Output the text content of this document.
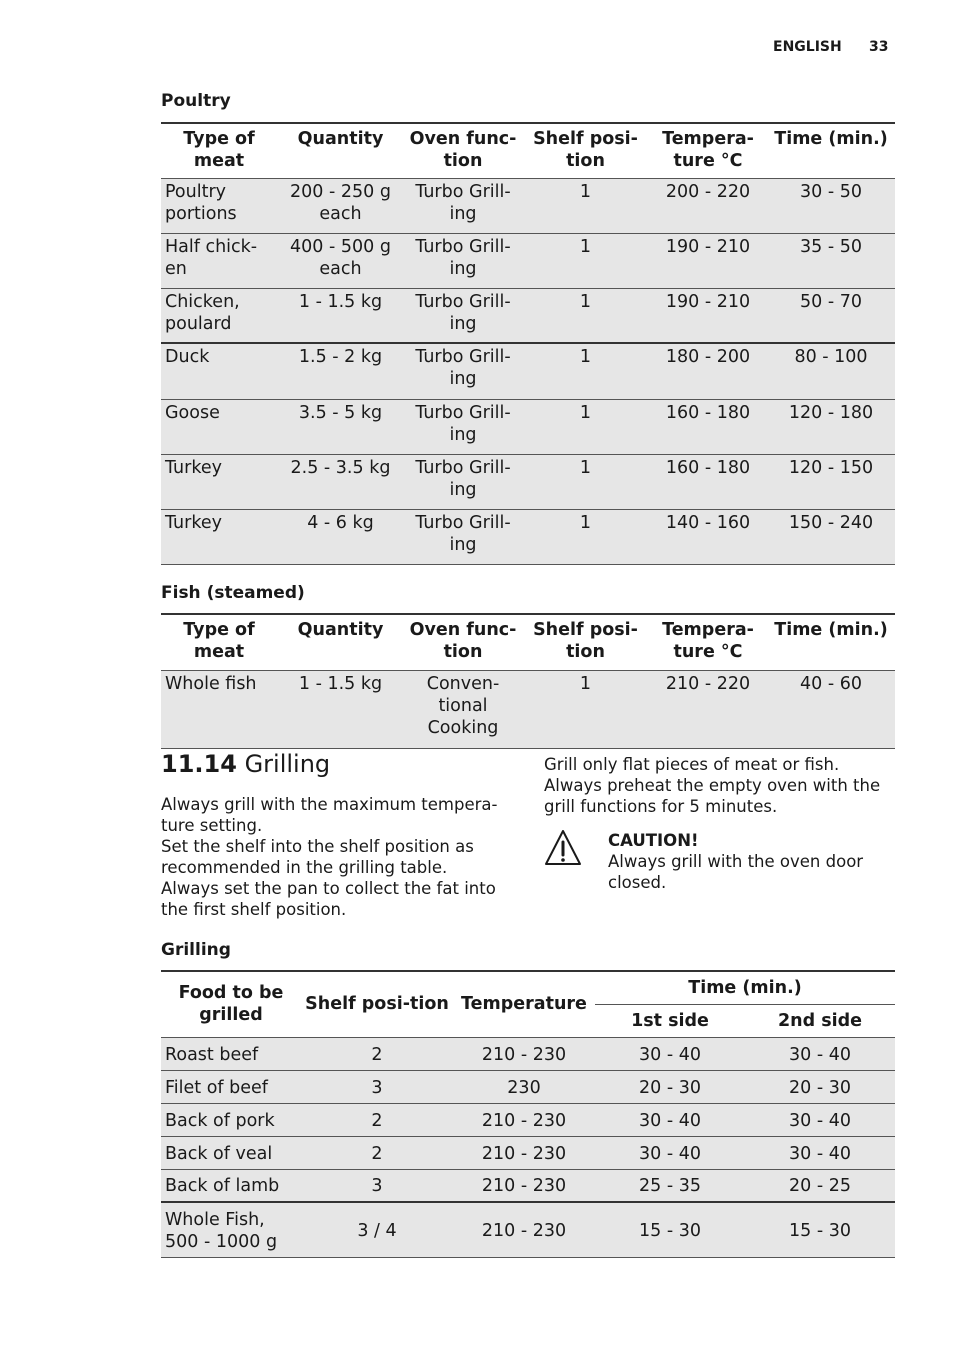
ENGLISH 33
Poultry
Type of meat	Quantity	Oven func-tion	Shelf posi-tion	Tempera-ture °C	Time (min.)
Poultry portions	200 - 250 g each	Turbo Grill-ing	1	200 - 220	30 - 50
Half chick-en	400 - 500 g each	Turbo Grill-ing	1	190 - 210	35 - 50
Chicken, poulard	1 - 1.5 kg	Turbo Grill-ing	1	190 - 210	50 - 70
Duck	1.5 - 2 kg	Turbo Grill-ing	1	180 - 200	80 - 100
Goose	3.5 - 5 kg	Turbo Grill-ing	1	160 - 180	120 - 180
Turkey	2.5 - 3.5 kg	Turbo Grill-ing	1	160 - 180	120 - 150
Turkey	4 - 6 kg	Turbo Grill-ing	1	140 - 160	150 - 240
Fish (steamed)
Type of meat	Quantity	Oven func-tion	Shelf posi-tion	Tempera-ture °C	Time (min.)
Whole fish	1 - 1.5 kg	Conven-tional Cooking	1	210 - 220	40 - 60
11.14 Grilling
Always grill with the maximum tempera-
ture setting.
Set the shelf into the shelf position as
recommended in the grilling table.
Always set the pan to collect the fat into
the first shelf position.
Grill only flat pieces of meat or fish.
Always preheat the empty oven with the
grill functions for 5 minutes.
CAUTION!
Always grill with the oven door
closed.
Grilling
Food to be grilled	Shelf posi-tion	Temperature	Time (min.)	
			1st side	2nd side
Roast beef	2	210 - 230	30 - 40	30 - 40
Filet of beef	3	230	20 - 30	20 - 30
Back of pork	2	210 - 230	30 - 40	30 - 40
Back of veal	2	210 - 230	30 - 40	30 - 40
Back of lamb	3	210 - 230	25 - 35	20 - 25
Whole Fish, 500 - 1000 g	3 / 4	210 - 230	15 - 30	15 - 30
